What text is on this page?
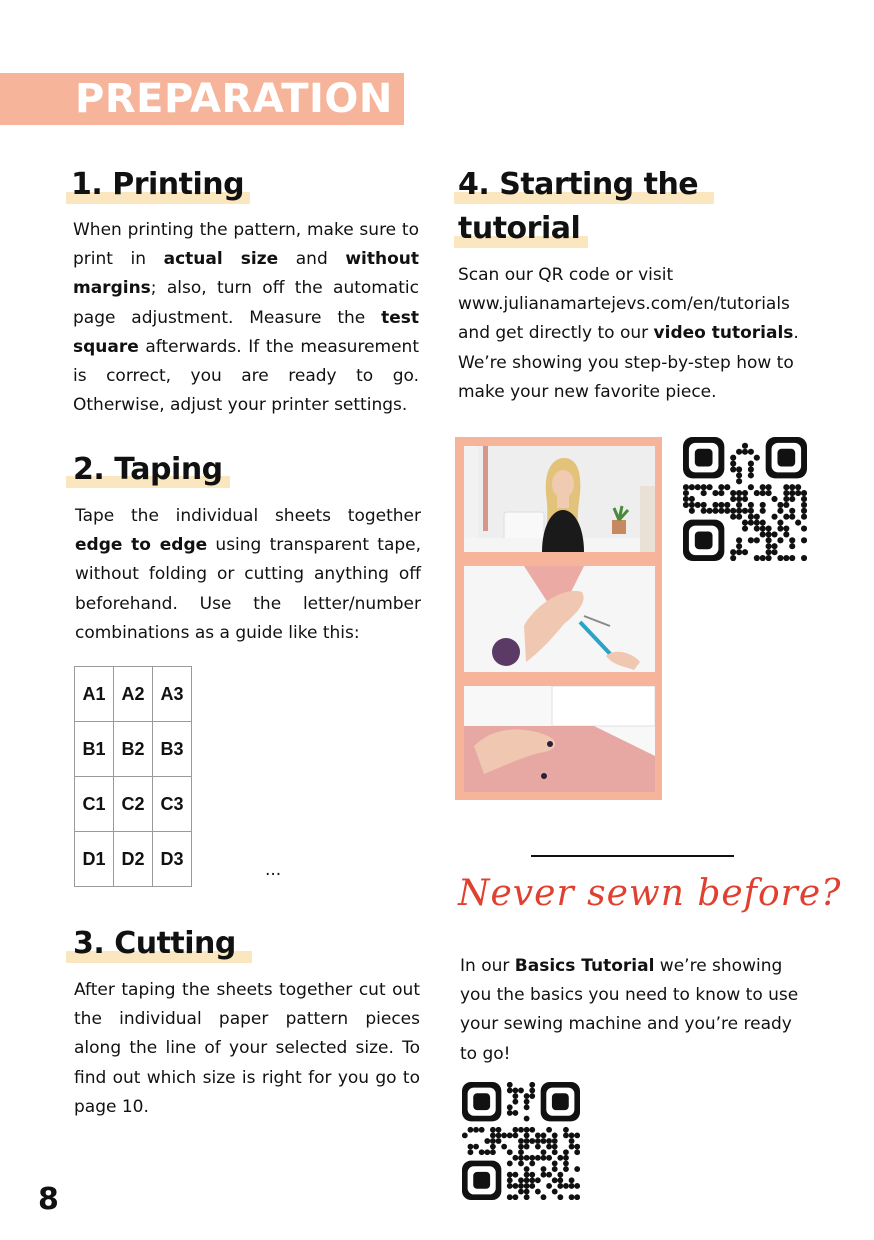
PREPARATION
1. Printing
When printing the pattern, make sure to print in actual size and without margins; also, turn off the automatic page adjustment. Measure the test square afterwards. If the measurement is correct, you are ready to go. Otherwise, adjust your printer settings.
2. Taping
Tape the individual sheets together edge to edge using transparent tape, without folding or cutting anything off beforehand. Use the letter/number combinations as a guide like this:
A1	A2	A3
B1	B2	B3
C1	C2	C3
D1	D2	D3
...
3. Cutting
After taping the sheets together cut out the individual paper pattern pieces along the line of your selected size. To find out which size is right for you go to page 10.
4. Starting the
tutorial
Scan our QR code or visit www.julianamartejevs.com/en/tutorials and get directly to our video tutorials. We’re showing you step-by-step how to make your new favorite piece.
Never sewn before?
In our Basics Tutorial we’re showing you the basics you need to know to use your sewing machine and you’re ready to go!
8
